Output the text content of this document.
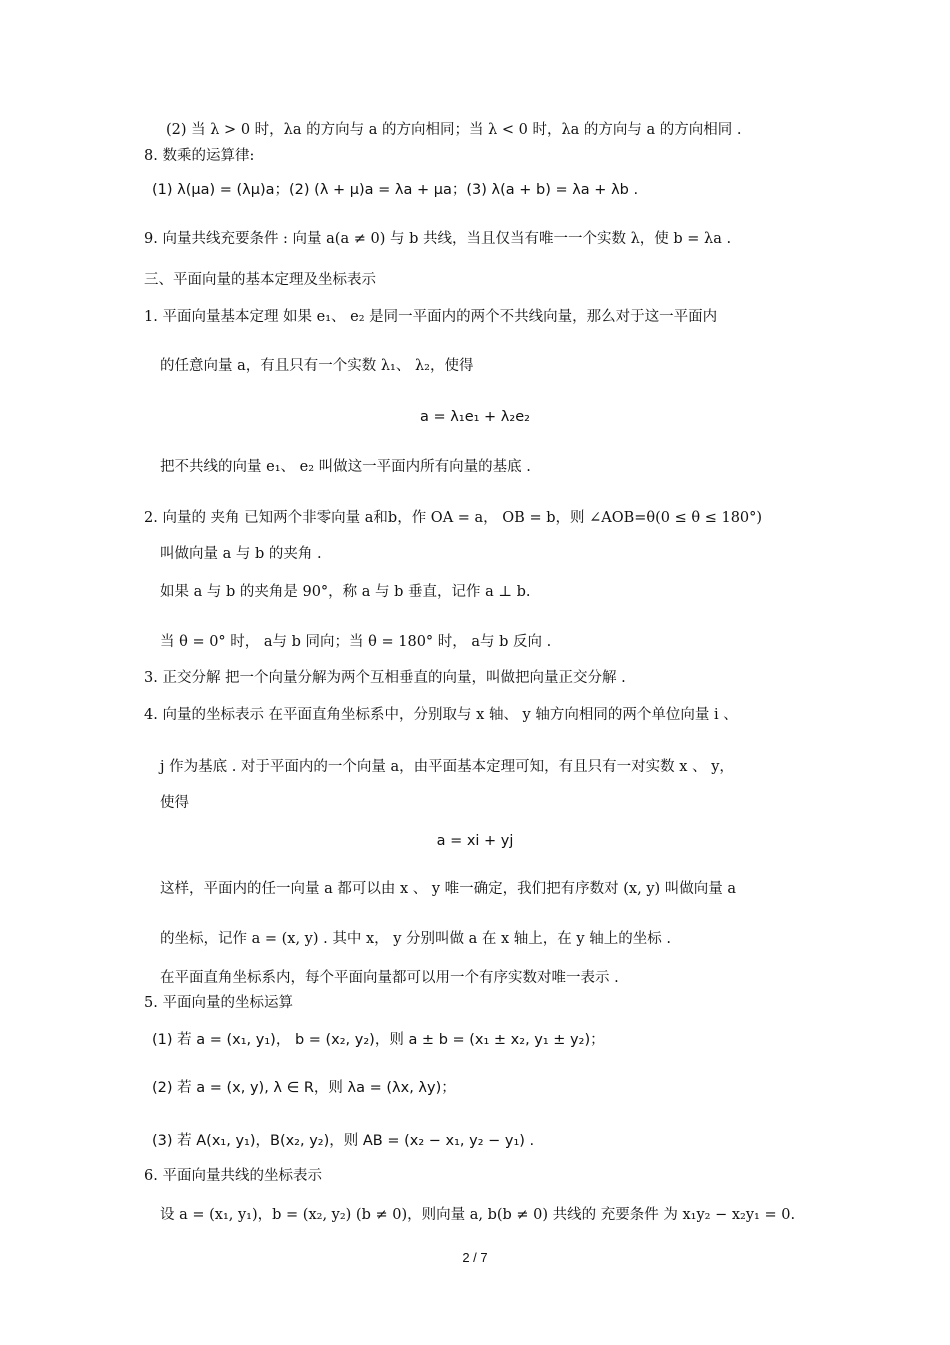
(2) 当 λ > 0 时，λa 的方向与 a 的方向相同；当 λ < 0 时，λa 的方向与 a 的方向相同 .
8. 数乘的运算律:
(1) λ(μa) = (λμ)a；(2) (λ + μ)a = λa + μa；(3) λ(a + b) = λa + λb .
9. 向量共线充要条件 : 向量 a(a ≠ 0) 与 b 共线，当且仅当有唯一一个实数 λ，使 b = λa .
三、平面向量的基本定理及坐标表示
1. 平面向量基本定理 如果 e₁、 e₂ 是同一平面内的两个不共线向量，那么对于这一平面内
的任意向量 a，有且只有一个实数 λ₁、 λ₂，使得
a = λ₁e₁ + λ₂e₂
把不共线的向量 e₁、 e₂ 叫做这一平面内所有向量的基底 .
2. 向量的 夹角 已知两个非零向量 a和b，作 OA = a， OB = b，则 ∠AOB=θ(0 ≤ θ ≤ 180°)
叫做向量 a 与 b 的夹角 .
如果 a 与 b 的夹角是 90°，称 a 与 b 垂直，记作 a ⊥ b.
当 θ = 0° 时， a与 b 同向；当 θ = 180° 时， a与 b 反向 .
3. 正交分解 把一个向量分解为两个互相垂直的向量，叫做把向量正交分解 .
4. 向量的坐标表示 在平面直角坐标系中，分别取与 x 轴、 y 轴方向相同的两个单位向量 i 、
j 作为基底 . 对于平面内的一个向量 a，由平面基本定理可知，有且只有一对实数 x 、 y，
使得
a = xi + yj
这样，平面内的任一向量 a 都可以由 x 、 y 唯一确定，我们把有序数对 (x, y) 叫做向量 a
的坐标，记作 a = (x, y) . 其中 x， y 分别叫做 a 在 x 轴上，在 y 轴上的坐标 .
在平面直角坐标系内，每个平面向量都可以用一个有序实数对唯一表示 .
5. 平面向量的坐标运算
(1) 若 a = (x₁, y₁)， b = (x₂, y₂)，则 a ± b = (x₁ ± x₂, y₁ ± y₂)；
(2) 若 a = (x, y), λ ∈ R，则 λa = (λx, λy)；
(3) 若 A(x₁, y₁)，B(x₂, y₂)，则 AB = (x₂ − x₁, y₂ − y₁) .
6. 平面向量共线的坐标表示
设 a = (x₁, y₁)，b = (x₂, y₂) (b ≠ 0)，则向量 a, b(b ≠ 0) 共线的 充要条件 为 x₁y₂ − x₂y₁ = 0.
2 / 7
